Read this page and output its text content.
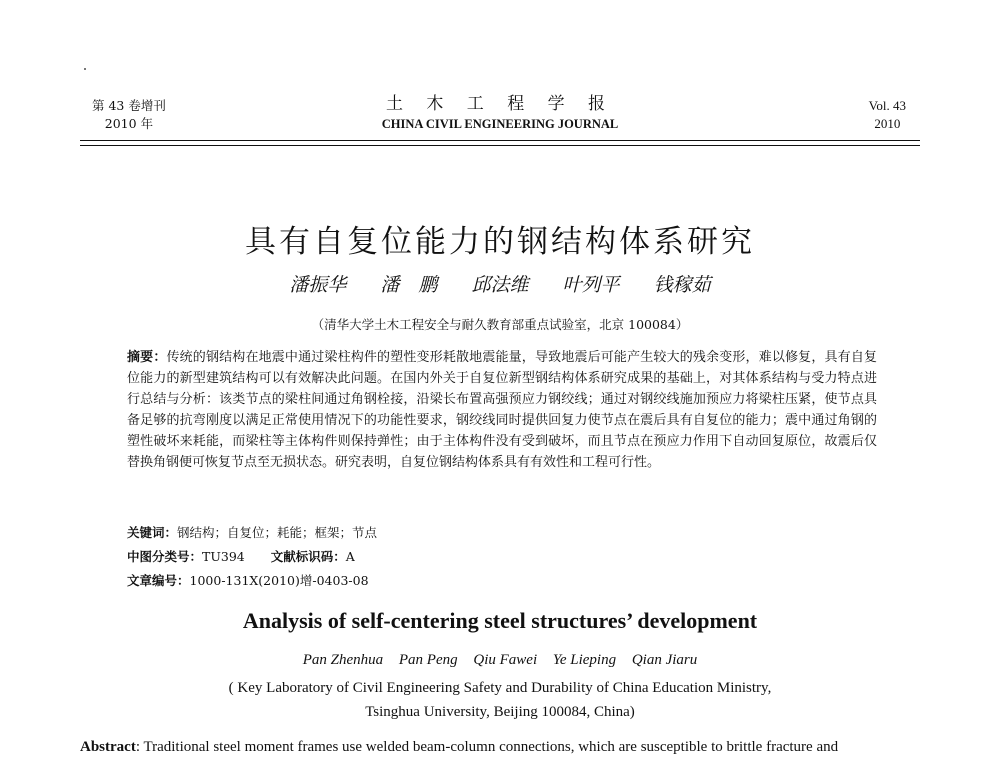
第 43 卷增刊
2010 年
土 木 工 程 学 报
CHINA CIVIL ENGINEERING JOURNAL
Vol. 43
2010
具有自复位能力的钢结构体系研究
潘振华 潘　鹏 邱法维 叶列平 钱稼茹
（清华大学土木工程安全与耐久教育部重点试验室，北京 100084）
摘要：传统的钢结构在地震中通过梁柱构件的塑性变形耗散地震能量，导致地震后可能产生较大的残余变形，难以修复，具有自复位能力的新型建筑结构可以有效解决此问题。在国内外关于自复位新型钢结构体系研究成果的基础上，对其体系结构与受力特点进行总结与分析：该类节点的梁柱间通过角钢栓接，沿梁长布置高强预应力钢绞线；通过对钢绞线施加预应力将梁柱压紧，使节点具备足够的抗弯刚度以满足正常使用情况下的功能性要求，钢绞线同时提供回复力使节点在震后具有自复位的能力；震中通过角钢的塑性破坏来耗能，而梁柱等主体构件则保持弹性；由于主体构件没有受到破坏，而且节点在预应力作用下自动回复原位，故震后仅替换角钢便可恢复节点至无损状态。研究表明，自复位钢结构体系具有有效性和工程可行性。
关键词：钢结构；自复位；耗能；框架；节点
中图分类号：TU394 文献标识码：A
文章编号：1000-131X(2010)增-0403-08
Analysis of self-centering steel structures’ development
Pan Zhenhua Pan Peng Qiu Fawei Ye Lieping Qian Jiaru
( Key Laboratory of Civil Engineering Safety and Durability of China Education Ministry,
Tsinghua University, Beijing 100084, China)
Abstract: Traditional steel moment frames use welded beam-column connections, which are susceptible to brittle fracture and
